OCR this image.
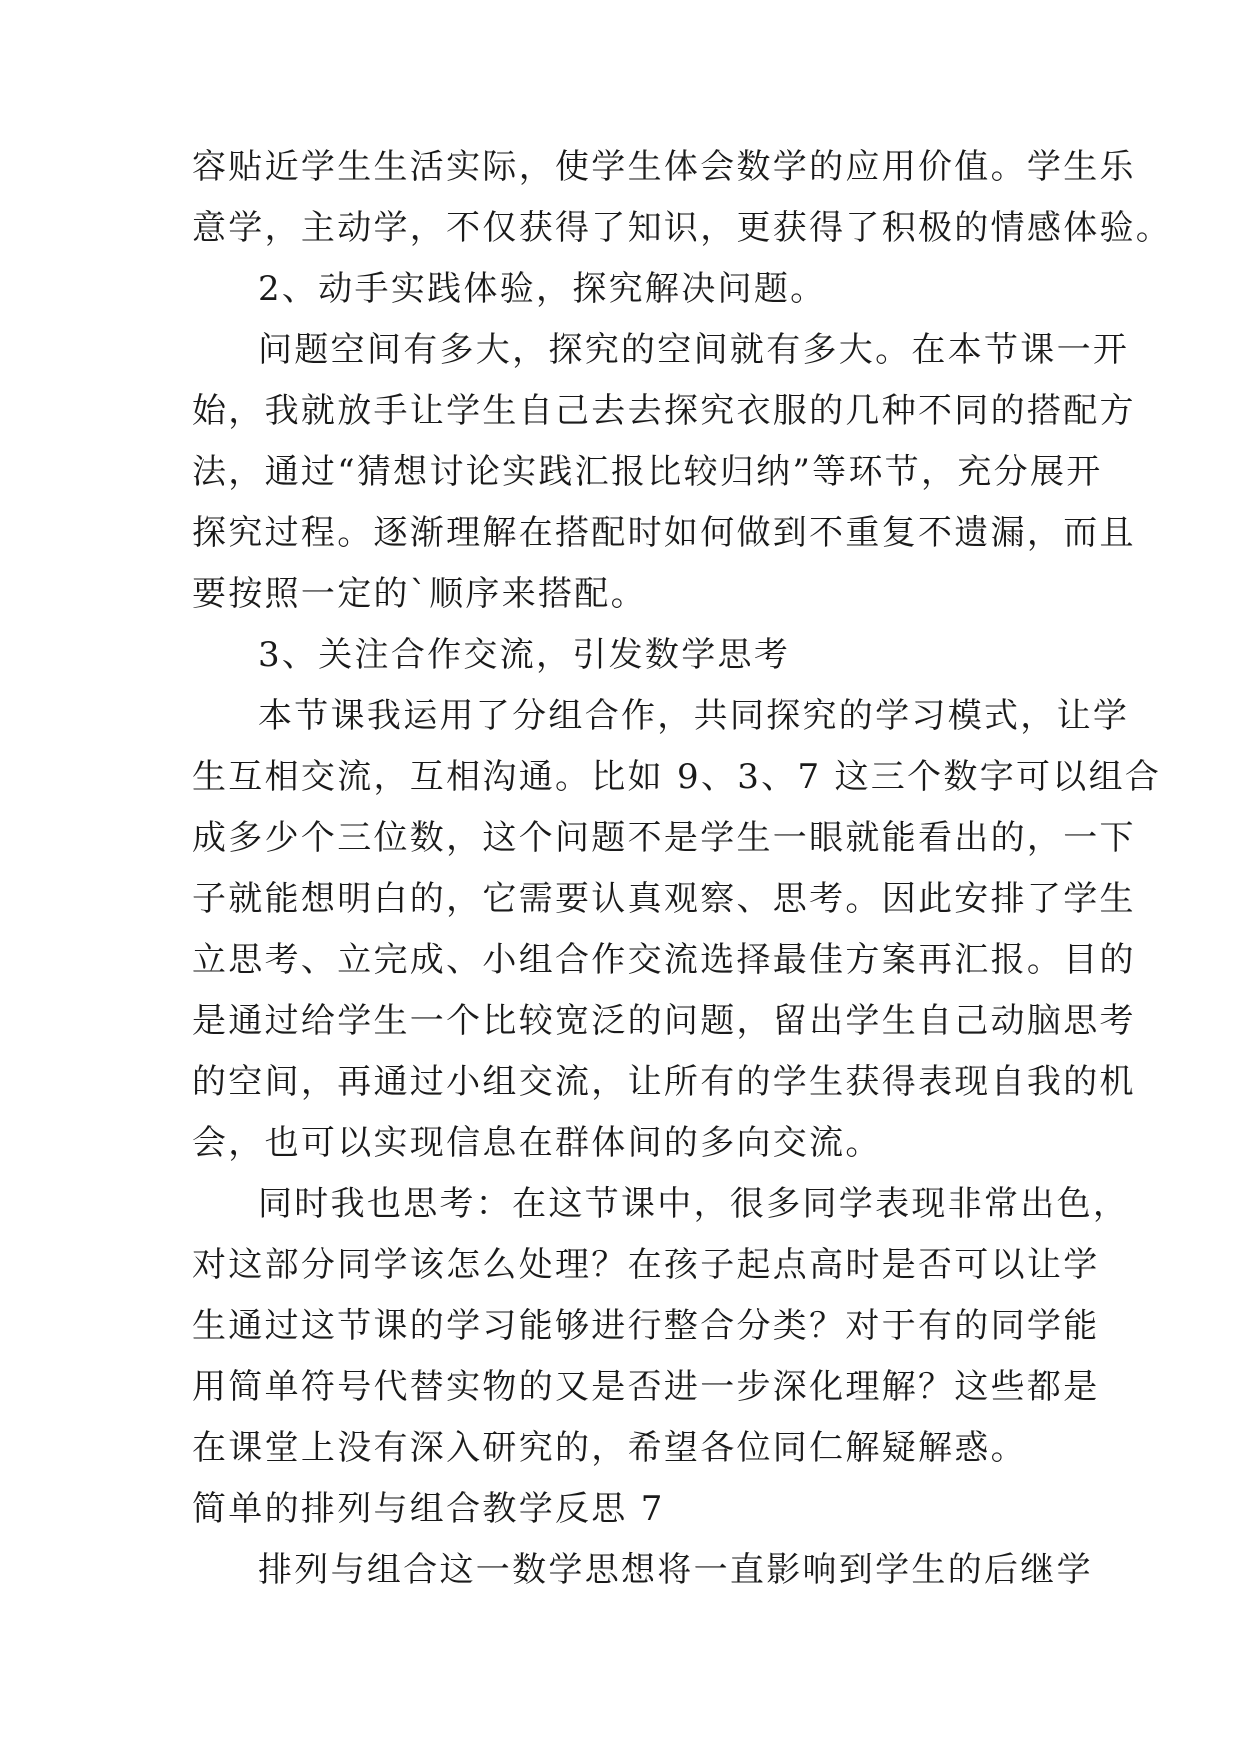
容贴近学生生活实际，使学生体会数学的应用价值。学生乐
意学，主动学，不仅获得了知识，更获得了积极的情感体验。
2、动手实践体验，探究解决问题。
问题空间有多大，探究的空间就有多大。在本节课一开
始，我就放手让学生自己去去探究衣服的几种不同的搭配方
法，通过“猜想讨论实践汇报比较归纳”等环节，充分展开
探究过程。逐渐理解在搭配时如何做到不重复不遗漏，而且
要按照一定的`顺序来搭配。
3、关注合作交流，引发数学思考
本节课我运用了分组合作，共同探究的学习模式，让学
生互相交流，互相沟通。比如 9、3、7 这三个数字可以组合
成多少个三位数，这个问题不是学生一眼就能看出的，一下
子就能想明白的，它需要认真观察、思考。因此安排了学生
立思考、立完成、小组合作交流选择最佳方案再汇报。目的
是通过给学生一个比较宽泛的问题，留出学生自己动脑思考
的空间，再通过小组交流，让所有的学生获得表现自我的机
会，也可以实现信息在群体间的多向交流。
同时我也思考：在这节课中，很多同学表现非常出色，
对这部分同学该怎么处理？在孩子起点高时是否可以让学
生通过这节课的学习能够进行整合分类？对于有的同学能
用简单符号代替实物的又是否进一步深化理解？这些都是
在课堂上没有深入研究的，希望各位同仁解疑解惑。
简单的排列与组合教学反思 7
排列与组合这一数学思想将一直影响到学生的后继学
